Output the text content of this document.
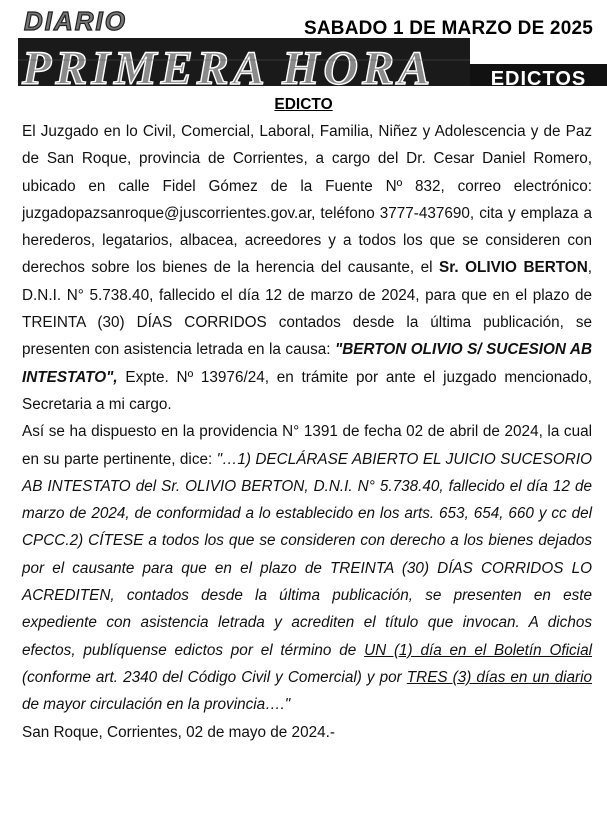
DIARIO
PRIMERA HORA
SABADO 1 DE MARZO DE 2025
EDICTOS
EDICTO

El Juzgado en lo Civil, Comercial, Laboral, Familia, Niñez y Adolescencia y de Paz de San Roque, provincia de Corrientes, a cargo del Dr. Cesar Daniel Romero, ubicado en calle Fidel Gómez de la Fuente Nº 832, correo electrónico: juzgadopazsanroque@juscorrientes.gov.ar, teléfono 3777-437690, cita y emplaza a herederos, legatarios, albacea, acreedores y a todos los que se consideren con derechos sobre los bienes de la herencia del causante, el Sr. OLIVIO BERTON, D.N.I. N° 5.738.40, fallecido el día 12 de marzo de 2024, para que en el plazo de TREINTA (30) DÍAS CORRIDOS contados desde la última publicación, se presenten con asistencia letrada en la causa: "BERTON OLIVIO S/ SUCESION AB INTESTATO", Expte. Nº 13976/24, en trámite por ante el juzgado mencionado, Secretaria a mi cargo.

Así se ha dispuesto en la providencia N° 1391 de fecha 02 de abril de 2024, la cual en su parte pertinente, dice: "…1) DECLÁRASE ABIERTO EL JUICIO SUCESORIO AB INTESTATO del Sr. OLIVIO BERTON, D.N.I. N° 5.738.40, fallecido el día 12 de marzo de 2024, de conformidad a lo establecido en los arts. 653, 654, 660 y cc del CPCC.2) CÍTESE a todos los que se consideren con derecho a los bienes dejados por el causante para que en el plazo de TREINTA (30) DÍAS CORRIDOS LO ACREDITEN, contados desde la última publicación, se presenten en este expediente con asistencia letrada y acrediten el título que invocan. A dichos efectos, publíquense edictos por el término de UN (1) día en el Boletín Oficial (conforme art. 2340 del Código Civil y Comercial) y por TRES (3) días en un diario de mayor circulación en la provincia…."

San Roque, Corrientes, 02 de mayo de 2024.-
